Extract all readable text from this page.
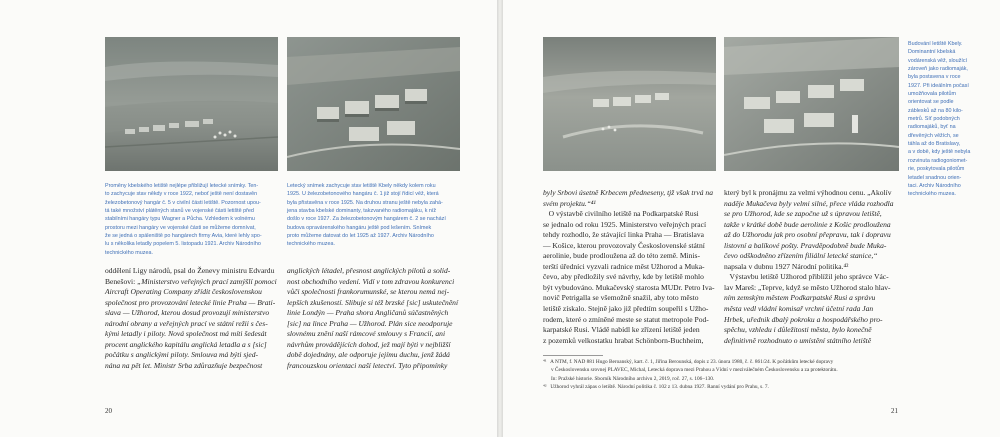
Proměny kbelského letiště nejlépe přibližují letecké snímky. Ten-
to zachycuje stav někdy v roce 1922, neboť ještě není dostavěn
železobetonový hangár č. 5 v civilní části letiště. Pozornost upou-
tá také množství plátěných stanů ve vojenské části letiště před
stabilními hangáry typu Wagner a Půcha. Vzhledem k volnému
prostoru mezi hangáry ve vojenské části se můžeme domnívat,
že se jedná o spáleniště po hangárech firmy Avia, které lehly spo-
lu s několika letadly popelem 5. listopadu 1921. Archiv Národního
technického muzea.
Letecký snímek zachycuje stav letiště Kbely někdy kolem roku
1925. U železobetonového hangáru č. 1 již stojí řídicí věž, která
byla přistavěna v roce 1925. Na druhou stranu ještě nebyla zahá-
jena stavba kbelské dominanty, takzvaného radiomajáku, k níž
došlo v roce 1927. Za železobetonovým hangárem č. 2 se nachází
budova opravárenského hangáru ještě pod lešením. Snímek
proto můžeme datovat do let 1925 až 1927. Archiv Národního
technického muzea.
oddělení Ligy národů, psal do Ženevy ministru Edvardu
Benešovi: „Ministerstvo veřejných prací zamýšlí pomoci
Aircraft Operating Company zřídit československou
společnost pro provozování letecké linie Praha — Brati-
slava — Užhorod, kterou dosud provozují ministerstvo
národní obrany a veřejných prací ve státní režii s čes-
kými letadly i piloty. Nová společnost má míti šedesát
procent anglického kapitálu anglická letadla a s [sic]
počátku s anglickými piloty. Smlouva má býti sjed-
nána na pět let. Ministr Srba zdůrazňuje bezpečnost
anglických létadel, přesnost anglických pilotů a solid-
nost obchodního vedení. Vidí v tom zdravou konkurenci
vůči společnosti frankorumunské, se kterou nemá nej-
lepších zkušeností. Slibuje si též brzské [sic] uskutečnění
linie Londýn — Praha shora Angličanů súčastněných
[sic] na lince Praha — Užhorod. Plán sice neodporuje
slovnému znění naší rámcové smlouvy s Francií, ani
návrhům provádějících dohod, jež mají býti v nejbližší
době dojednány, ale odporuje jejímu duchu, jenž žádá
francouzskou orientaci naší letectví. Tyto připomínky
20
Budování letiště Kbely.
Dominantní kbelská
vodárenská věž, sloužící
zároveň jako radiomaják,
byla postavena v roce
1927. Při ideálním počasí
umožňovala pilotům
orientovat se podle
záblesků až na 80 kilo-
metrů. Síť podobných
radiomajáků, byť na
dřevěných věžích, se
táhla až do Bratislavy,
a v době, kdy ještě nebyla
rozvinuta radiogoniomet-
rie, poskytovala pilotům
letadel snadnou orien-
taci. Archiv Národního
technického muzea.
byly Srbovi úsetně Krbecem předneseny, tjž však trvá na
svém projektu.“⁴¹
O výstavbě civilního letiště na Podkarpatské Rusi
se jednalo od roku 1925. Ministerstvo veřejných prací
tehdy rozhodlo, že stávající linka Praha — Bratislava
— Košice, kterou provozovaly Československé státní
aerolinie, bude prodloužena až do této země. Minis-
terští úředníci vyzvali radnice měst Užhorod a Muka-
čevo, aby předložily své návrhy, kde by letiště mohlo
být vybudováno. Mukačevský starosta MUDr. Petro Iva-
novič Petrigalla se všemožně snažil, aby toto město
letiště získalo. Stejně jako již předtím soupeřil s Užho-
rodem, které o zmíněné meste se statut metropole Pod-
karpatské Rusi. Vládě nabídl ke zřízení letiště jeden
z pozemků velkostatku hrabat Schönborn-Buchheim,
který byl k pronájmu za velmi výhodnou cenu. „Akolív
naděje Mukačeva byly velmi silné, přece vláda rozhodla
se pro Užhorod, kde se započne už s úpravou letiště,
takže v krátké době bude aerolinie z Košic prodloužena
až do Užhorodu jak pro osobní přepravu, tak i dopravu
listovní a balíkové pošty. Pravděpodobně bude Muka-
čevo odškodněno zřízením filiální letecké stanice,“
napsala v dubnu 1927 Národní politika.⁴²
Výstavbu letiště Užhorod přiblížil jeho správce Vác-
lav Mareš: „Teprve, když se město Užhorod stalo hlav-
ním zemským městem Podkarpatské Rusi a správu
města vedl vládní komisař vrchní účetní rada Jan
Hrbek, uřednik dbalý pokroku a hospodářského pro-
spěchu, vzhledu i důležitosti města, bylo konečně
definitivně rozhodnuto o umístění státního letiště
⁴¹   A NTM, f. NAD 881 Hugo Beroanský, kart. č. 1, Jiřina Berounská, dopis z 23. února 1980, č. č. 861/24. K počátkům letecké dopravy
v Československu srovnej PLAVEC, Michal, Letecká doprava mezi Prahou a Vídní v meziválečném Československu a za protektorátu.
In: Pražské historie. Sborník Národního archivu 2, 2019, roč. 27, s. 106–130.
⁴²   Užhorod vyhrál zápas o letiště. Národní politika č. 102 z 13. dubna 1927. Ranní vydání pro Prahu, s. 7.
21
